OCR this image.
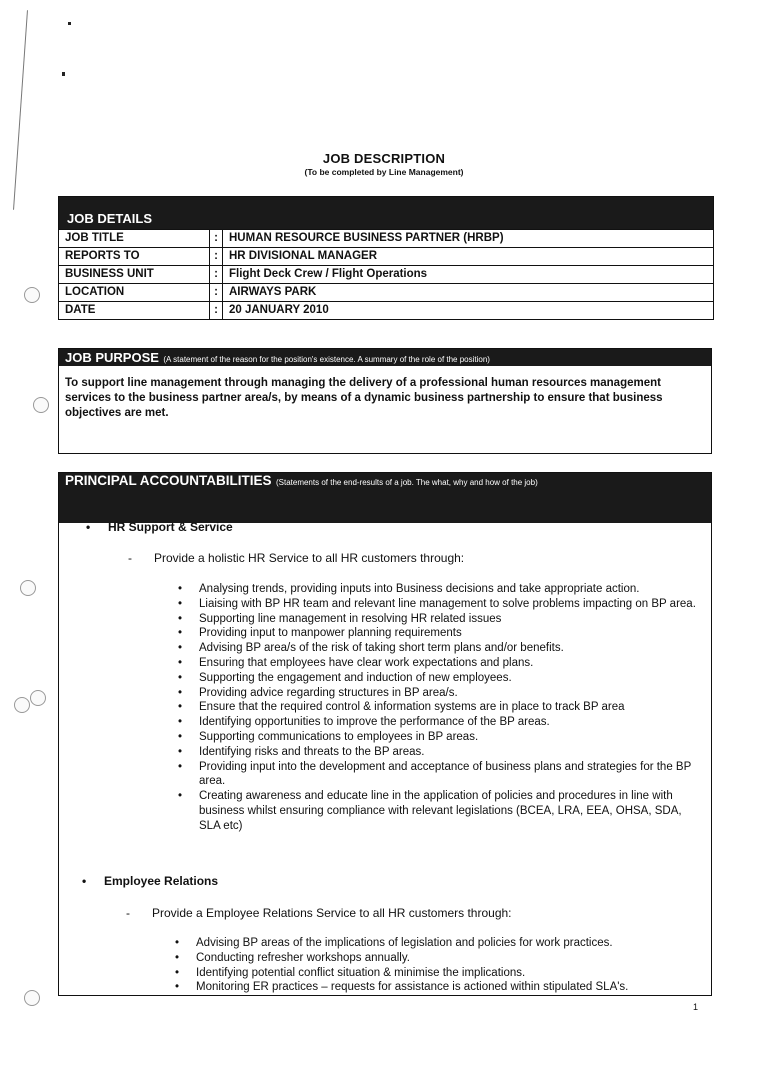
JOB DESCRIPTION
(To be completed by Line Management)
JOB DETAILS
JOB TITLE	: HUMAN RESOURCE BUSINESS PARTNER (HRBP)
REPORTS TO	: HR DIVISIONAL MANAGER
BUSINESS UNIT	: Flight Deck Crew / Flight Operations
LOCATION	: AIRWAYS PARK
DATE	: 20 JANUARY 2010
JOB PURPOSE (A statement of the reason for the position's existence. A summary of the role of the position)
To support line management through managing the delivery of a professional human resources management services to the business partner area/s, by means of a dynamic business partnership to ensure that business objectives are met.
PRINCIPAL ACCOUNTABILITIES (Statements of the end-results of a job. The what, why and how of the job)
• HR Support & Service
- Provide a holistic HR Service to all HR customers through:
• Analysing trends, providing inputs into Business decisions and take appropriate action.
• Liaising with BP HR team and relevant line management to solve problems impacting on BP area.
• Supporting line management in resolving HR related issues
• Providing input to manpower planning requirements
• Advising BP area/s of the risk of taking short term plans and/or benefits.
• Ensuring that employees have clear work expectations and plans.
• Supporting the engagement and induction of new employees.
• Providing advice regarding structures in BP area/s.
• Ensure that the required control & information systems are in place to track BP area
• Identifying opportunities to improve the performance of the BP areas.
• Supporting communications to employees in BP areas.
• Identifying risks and threats to the BP areas.
• Providing input into the development and acceptance of business plans and strategies for the BP area.
• Creating awareness and educate line in the application of policies and procedures in line with business whilst ensuring compliance with relevant legislations (BCEA, LRA, EEA, OHSA, SDA, SLA etc)
• Employee Relations
- Provide a Employee Relations Service to all HR customers through:
• Advising BP areas of the implications of legislation and policies for work practices.
• Conducting refresher workshops annually.
• Identifying potential conflict situation & minimise the implications.
• Monitoring ER practices – requests for assistance is actioned within stipulated SLA's.
1
